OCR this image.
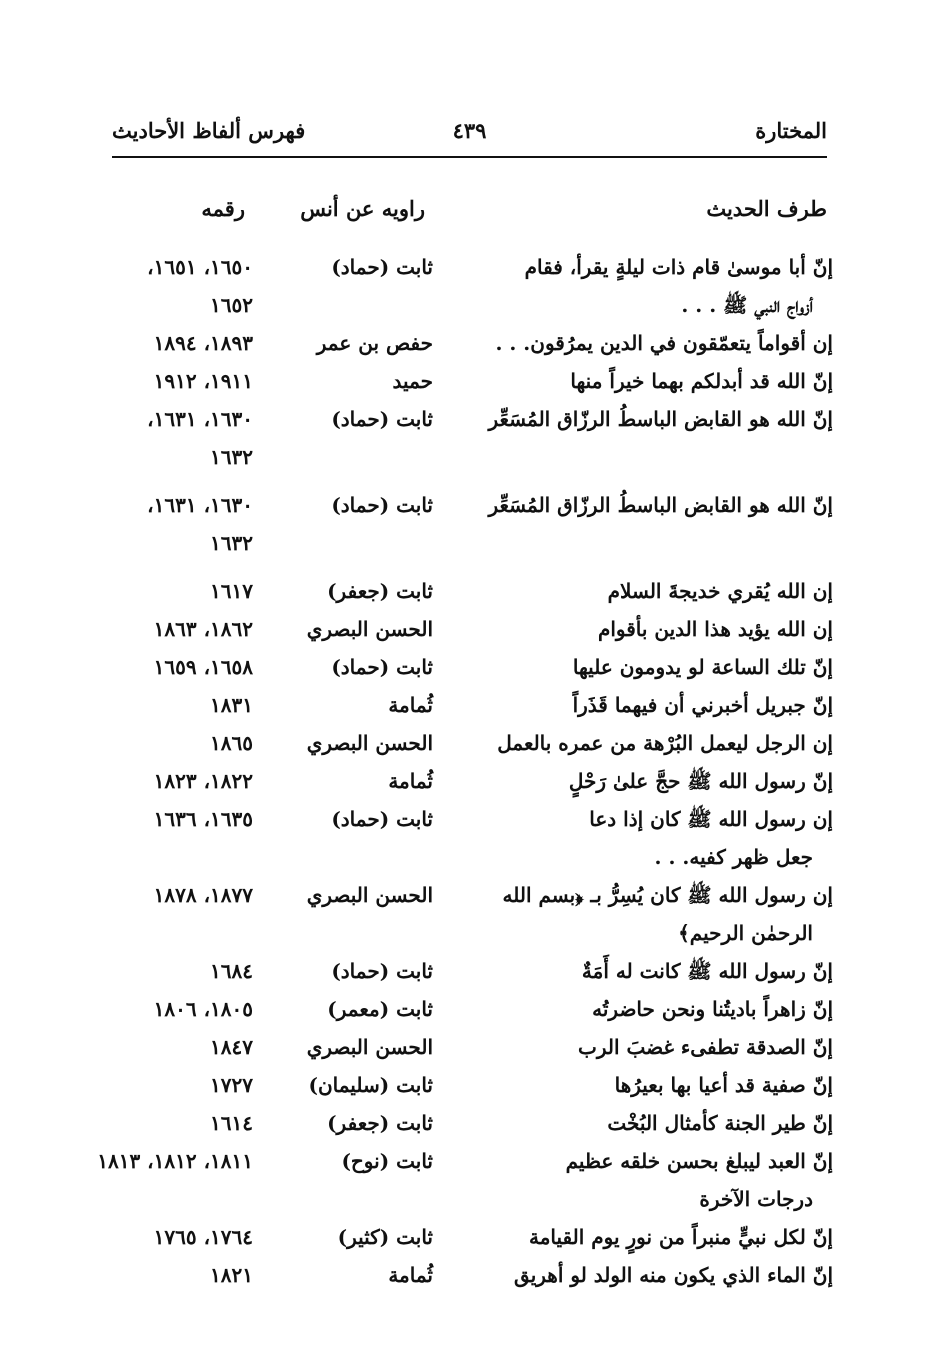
المختارة
٤٣٩
فهرس ألفاظ الأحاديث
طرف الحديث
راويه عن أنس
رقمه
إنّ أبا موسىٰ قام ذات ليلةٍ يقرأ، فقام
ثابت (حماد)
١٦٥٠، ١٦٥١،
أزواج النبي ﷺ . . .
١٦٥٢
إن أقواماً يتعمّقون في الدين يمرُقون. . .
حفص بن عمر
١٨٩٣، ١٨٩٤
إنّ الله قد أبدلكم بهما خيراً منها
حميد
١٩١١، ١٩١٢
إنّ الله هو القابض الباسطُ الرزّاق المُسَعِّر
ثابت (حماد)
١٦٣٠، ١٦٣١،
١٦٣٢
إنّ الله هو القابض الباسطُ الرزّاق المُسَعِّر
ثابت (حماد)
١٦٣٠، ١٦٣١،
١٦٣٢
إن الله يُقري خديجةَ السلام
ثابت (جعفر)
١٦١٧
إن الله يؤيد هذا الدين بأقوام
الحسن البصري
١٨٦٢، ١٨٦٣
إنّ تلك الساعة لو يدومون عليها
ثابت (حماد)
١٦٥٨، ١٦٥٩
إنّ جبريل أخبرني أن فيهما قَذَراً
ثُمامة
١٨٣١
إن الرجل ليعمل البُرْهة من عمره بالعمل
الحسن البصري
١٨٦٥
إنّ رسول الله ﷺ حجَّ علىٰ رَحْلٍ
ثُمامة
١٨٢٢، ١٨٢٣
إن رسول الله ﷺ كان إذا دعا
ثابت (حماد)
١٦٣٥، ١٦٣٦
جعل ظهر كفيه. . .
إن رسول الله ﷺ كان يُسِرُّ بـ ﴿بسم الله
الحسن البصري
١٨٧٧، ١٨٧٨
الرحمٰن الرحيم﴾
إنّ رسول الله ﷺ كانت له أَمَةٌ
ثابت (حماد)
١٦٨٤
إنّ زاهراً باديتُنا ونحن حاضرتُه
ثابت (معمر)
١٨٠٥، ١٨٠٦
إنّ الصدقة تطفىء غضبَ الرب
الحسن البصري
١٨٤٧
إنّ صفية قد أعيا بها بعيرُها
ثابت (سليمان)
١٧٢٧
إنّ طير الجنة كأمثال البُخْت
ثابت (جعفر)
١٦١٤
إنّ العبد ليبلغ بحسن خلقه عظيم
ثابت (نوح)
١٨١١، ١٨١٢، ١٨١٣
درجات الآخرة
إنّ لكل نبيٍّ منبراً من نورٍ يوم القيامة
ثابت (كثير)
١٧٦٤، ١٧٦٥
إنّ الماء الذي يكون منه الولد لو أهريق
ثُمامة
١٨٢١
